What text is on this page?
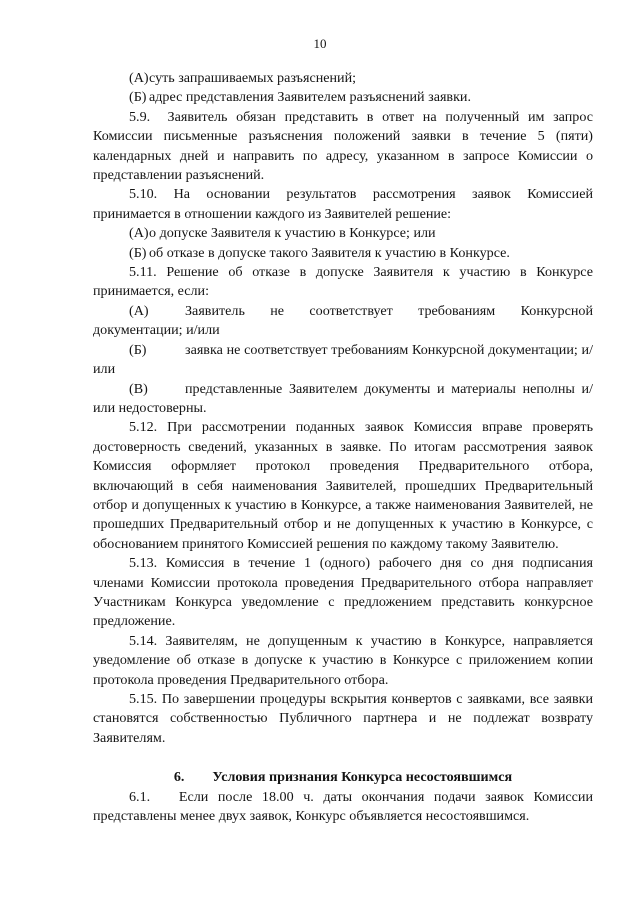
10

(А) суть запрашиваемых разъяснений;

(Б) адрес представления Заявителем разъяснений заявки.

5.9.  Заявитель обязан представить в ответ на полученный им запрос Комиссии письменные разъяснения положений заявки в течение 5 (пяти) календарных дней и направить по адресу, указанном в запросе Комиссии о представлении разъяснений.

5.10. На основании результатов рассмотрения заявок Комиссией принимается в отношении каждого из Заявителей решение:

(А) о допуске Заявителя к участию в Конкурсе; или

(Б) об отказе в допуске такого Заявителя к участию в Конкурсе.

5.11. Решение об отказе в допуске Заявителя к участию в Конкурсе принимается, если:

(А)	Заявитель не соответствует требованиям Конкурсной документации; и/или

(Б)	заявка не соответствует требованиям Конкурсной документации; и/или

(В)	представленные Заявителем документы и материалы неполны и/или недостоверны.

5.12. При рассмотрении поданных заявок Комиссия вправе проверять достоверность сведений, указанных в заявке. По итогам рассмотрения заявок Комиссия оформляет протокол проведения Предварительного отбора, включающий в себя наименования Заявителей, прошедших Предварительный отбор и допущенных к участию в Конкурсе, а также наименования Заявителей, не прошедших Предварительный отбор и не допущенных к участию в Конкурсе, с обоснованием принятого Комиссией решения по каждому такому Заявителю.

5.13. Комиссия в течение 1 (одного) рабочего дня со дня подписания членами Комиссии протокола проведения Предварительного отбора направляет Участникам Конкурса уведомление с предложением представить конкурсное предложение.

5.14. Заявителям, не допущенным к участию в Конкурсе, направляется уведомление об отказе в допуске к участию в Конкурсе с приложением копии протокола проведения Предварительного отбора.

5.15. По завершении процедуры вскрытия конвертов с заявками, все заявки становятся собственностью Публичного партнера и не подлежат возврату Заявителям.

6. Условия признания Конкурса несостоявшимся

6.1.   Если после 18.00 ч. даты окончания подачи заявок Комиссии представлены менее двух заявок, Конкурс объявляется несостоявшимся.
